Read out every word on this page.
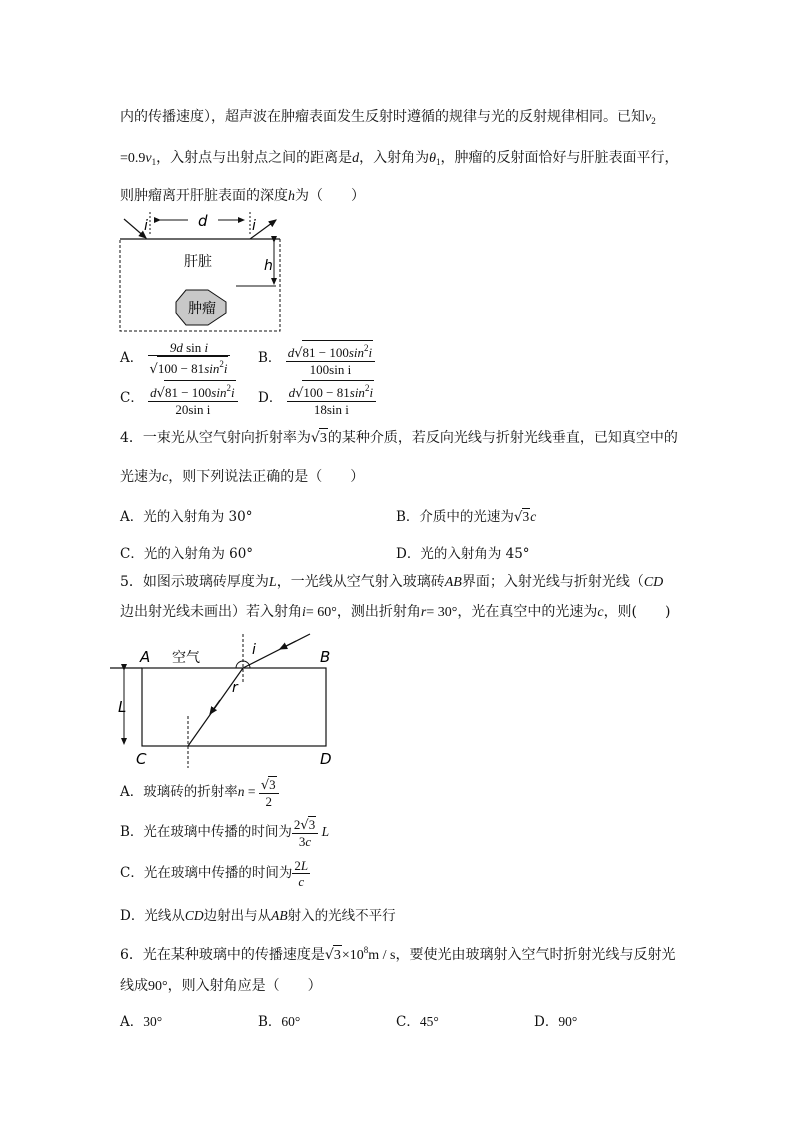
内的传播速度），超声波在肿瘤表面发生反射时遵循的规律与光的反射规律相同。已知$v_2$
$=0.9v_1$，入射点与出射点之间的距离是d，入射角为$\theta_1$，肿瘤的反射面恰好与肝脏表面平行，
则肿瘤离开肝脏表面的深度h为（　　）
d
i	i
h
肝脏
肿瘤
A． $\frac{\text{9d sin i}}{√100 - 81\sin^2i}$ B． $\frac{d√81 - 100\sin^2i}{\text{100sin i}}$
C． $\frac{d√81 - 100\sin^2i}{\text{20sin i}}$ D． $\frac{d√100 - 81\sin^2i}{\text{18sin i}}$
4．一束光从空气射向折射率为√3的某种介质，若反向光线与折射光线垂直，已知真空中的
光速为c，则下列说法正确的是（　　）
A．光的入射角为 30°	B．介质中的光速为√3c
C．光的入射角为 60°	D．光的入射角为 45°
5．如图示玻璃砖厚度为L，一光线从空气射入玻璃砖AB界面；入射光线与折射光线（CD
边出射光线未画出）若入射角i= 60°，测出折射角r= 30°，光在真空中的光速为c，则(　　)
L
A	B
C	D
空气	i
r
A．玻璃砖的折射率$n = \frac{√3}{2}$
B．光在玻璃中传播的时间为 $\frac{2√3}{3c}$ L
C．光在玻璃中传播的时间为 $\frac{2L}{c}$
D．光线从CD边射出与从AB射入的光线不平行
6．光在某种玻璃中的传播速度是$√3\times 10^8m / s$，要使光由玻璃射入空气时折射光线与反射光
线成90°，则入射角应是（　　）
A．30°	B．60°	C．45°	D．90°
